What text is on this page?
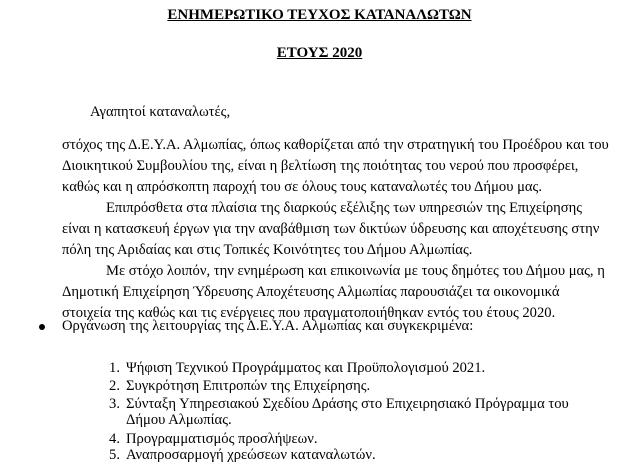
ΕΝΗΜΕΡΩΤΙΚΟ ΤΕΥΧΟΣ ΚΑΤΑΝΑΛΩΤΩΝ
ΕΤΟΥΣ 2020
Αγαπητοί καταναλωτές,
στόχος της Δ.Ε.Υ.Α. Αλμωπίας, όπως καθορίζεται από την στρατηγική του Προέδρου και του
Διοικητικού Συμβουλίου της, είναι η βελτίωση της ποιότητας του νερού που προσφέρει,
καθώς και η απρόσκοπτη παροχή του σε όλους τους καταναλωτές του Δήμου μας.
Επιπρόσθετα στα πλαίσια της διαρκούς εξέλιξης των υπηρεσιών της Επιχείρησης
είναι η κατασκευή έργων για την αναβάθμιση των δικτύων ύδρευσης και αποχέτευσης στην
πόλη της Αριδαίας και στις Τοπικές Κοινότητες του Δήμου Αλμωπίας.
Με στόχο λοιπόν, την ενημέρωση και επικοινωνία με τους δημότες του Δήμου μας, η
Δημοτική Επιχείρηση Ύδρευσης Αποχέτευσης Αλμωπίας παρουσιάζει τα οικονομικά
στοιχεία της καθώς και τις ενέργειες που πραγματοποιήθηκαν εντός του έτους 2020.
Οργάνωση της λειτουργίας της Δ.Ε.Υ.Α. Αλμωπίας και συγκεκριμένα:
1. Ψήφιση Τεχνικού Προγράμματος και Προϋπολογισμού 2021.
2. Συγκρότηση Επιτροπών της Επιχείρησης.
3. Σύνταξη Υπηρεσιακού Σχεδίου Δράσης στο Επιχειρησιακό Πρόγραμμα του
Δήμου Αλμωπίας.
4. Προγραμματισμός προσλήψεων.
5. Αναπροσαρμογή χρεώσεων καταναλωτών.
